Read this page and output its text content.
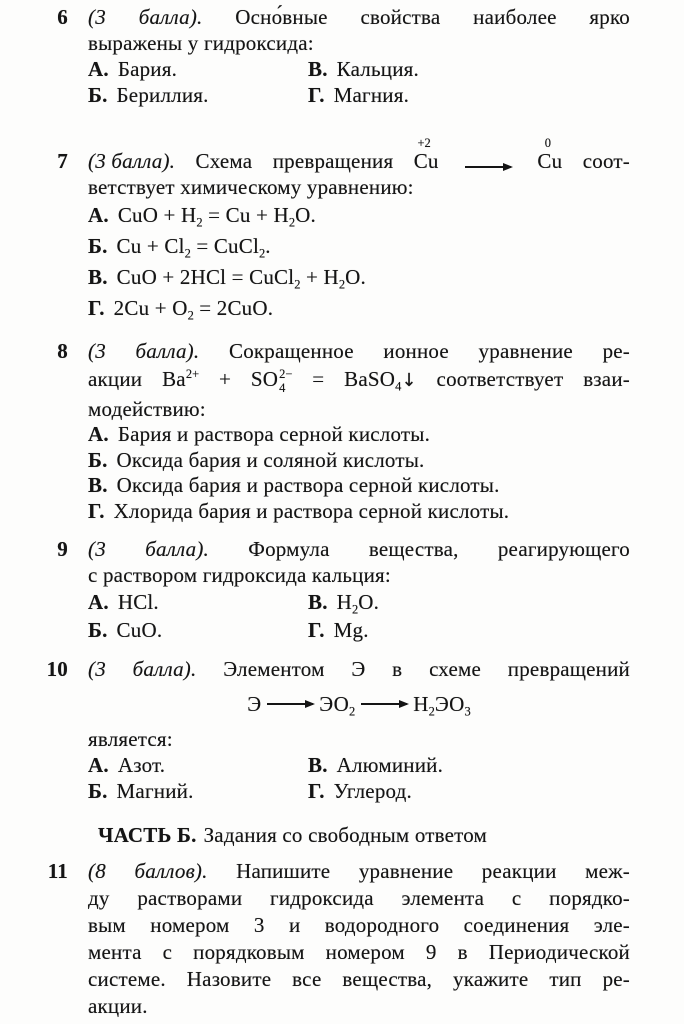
6 (3 балла). Осно́вные свойства наиболее ярко
выражены у гидроксида:
А. Бария.	В. Кальция.
Б. Бериллия.	Г. Магния.
7 (3 балла). Схема превращения
+2
Cu
0
Cu соот-
ветствует химическому уравнению:
А. CuO + $H_2 = Cu + H_2O$.
Б. $Cu + Cl_2$ = CuCl$_2$.
В. CuO + 2HCl = CuCl$_2$ + $H_2O$.
Г. $2Cu + O_2 = 2CuO$.
8 (3 балла). Сокращенное ионное уравнение ре-
акции $Ba^{2+}$ + SO 2−
4 = BaSO$_4$↓ соответствует взаи-
модействию:
А. Бария и раствора серной кислоты.
Б. Оксида бария и соляной кислоты.
В. Оксида бария и раствора серной кислоты.
Г. Хлорида бария и раствора серной кислоты.
9 (3 балла). Формула вещества, реагирующего
с раствором гидроксида кальция:
А. HCl.	В. $H_2O$.
Б. CuO.	Г. Mg.
10 (3 балла). Элементом Э в схеме превращений
Э	$ЭО_2$	$H_2ЭО_3$
является:
А. Азот.	В. Алюминий.
Б. Магний.	Г. Углерод.
ЧАСТЬ Б. Задания со свободным ответом
11 (8 баллов). Напишите уравнение реакции меж-
ду растворами гидроксида элемента с порядко-
вым номером 3 и водородного соединения эле-
мента с порядковым номером 9 в Периодической
системе. Назовите все вещества, укажите тип ре-
акции.
